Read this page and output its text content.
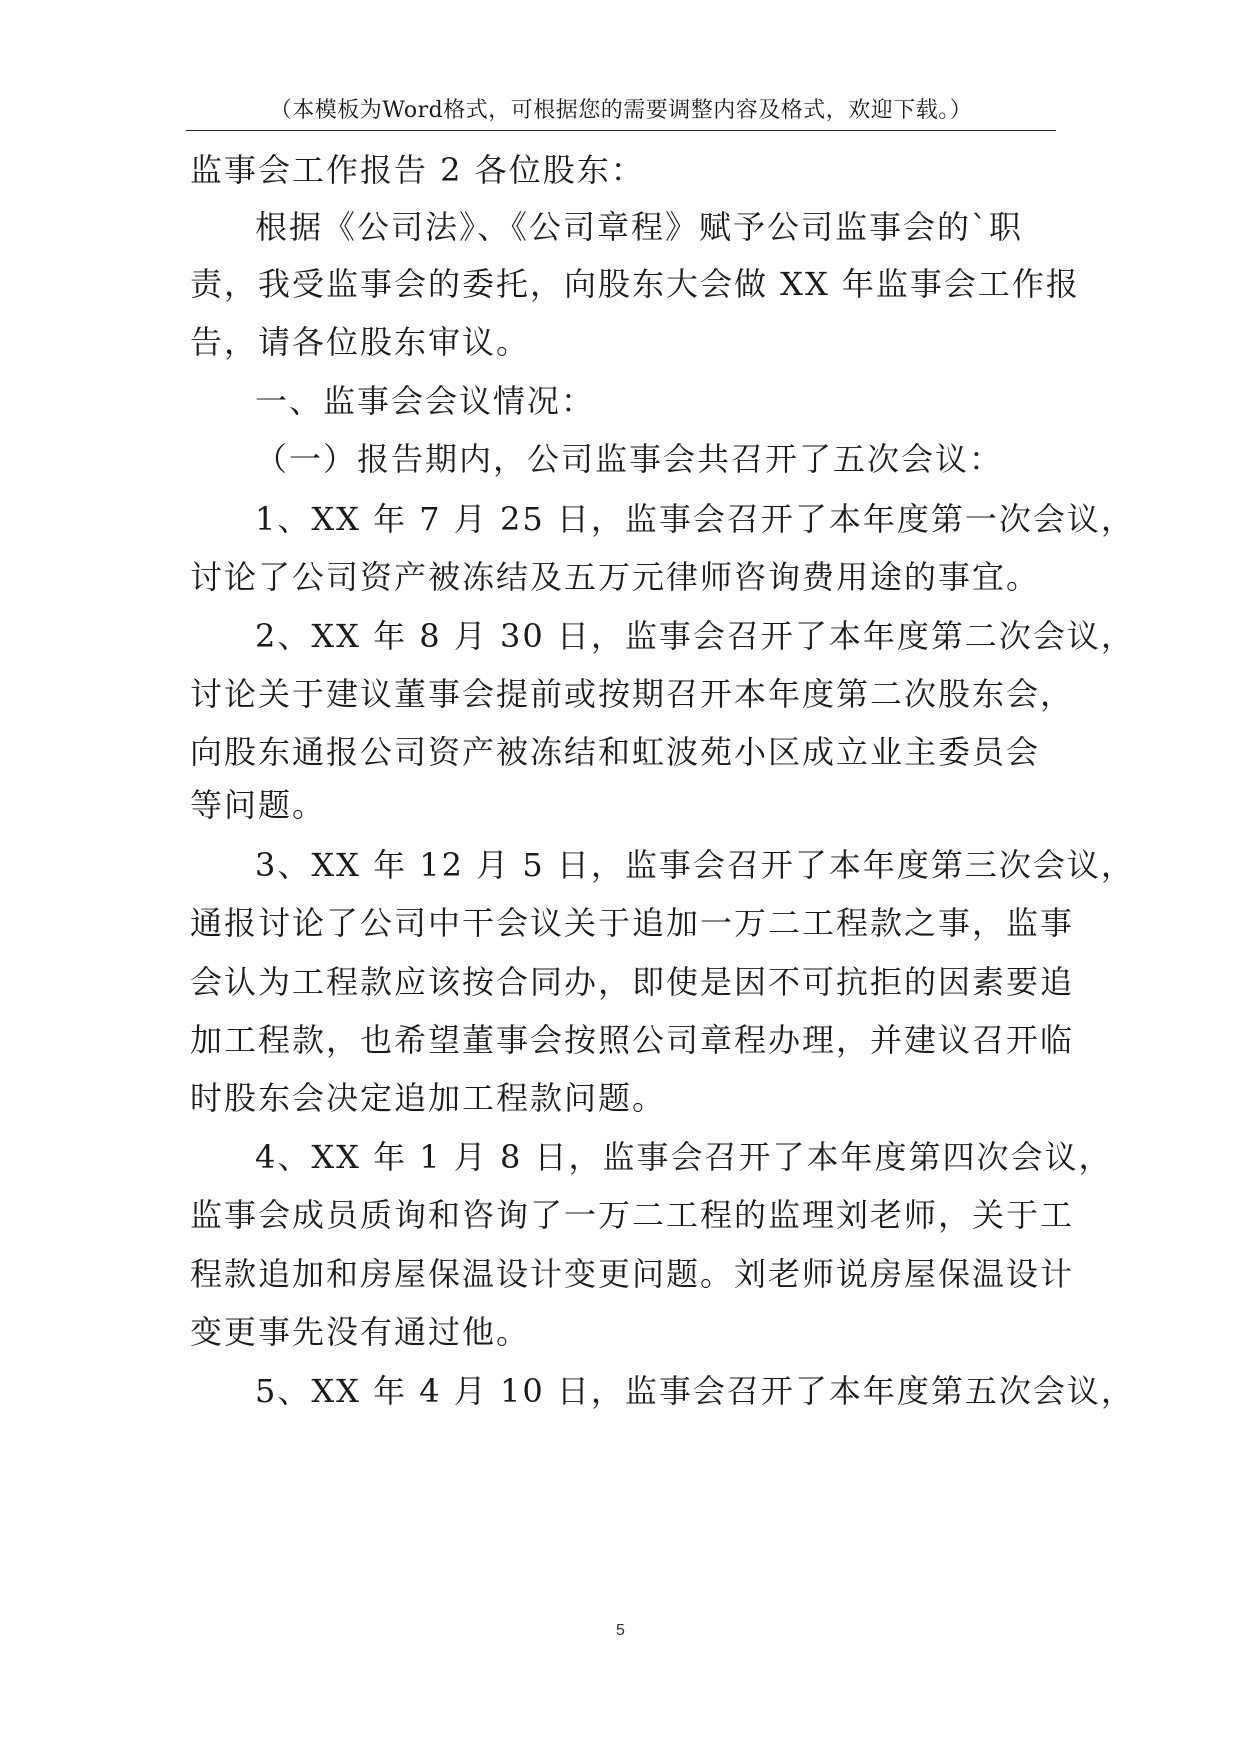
（本模板为Word格式，可根据您的需要调整内容及格式，欢迎下载。）
监事会工作报告 2 各位股东：
根据《公司法》、《公司章程》赋予公司监事会的`职
责，我受监事会的委托，向股东大会做 XX 年监事会工作报
告，请各位股东审议。
一、监事会会议情况：
（一）报告期内，公司监事会共召开了五次会议：
1、XX 年 7 月 25 日，监事会召开了本年度第一次会议，
讨论了公司资产被冻结及五万元律师咨询费用途的事宜。
2、XX 年 8 月 30 日，监事会召开了本年度第二次会议，
讨论关于建议董事会提前或按期召开本年度第二次股东会，
向股东通报公司资产被冻结和虹波苑小区成立业主委员会
等问题。
3、XX 年 12 月 5 日，监事会召开了本年度第三次会议，
通报讨论了公司中干会议关于追加一万二工程款之事，监事
会认为工程款应该按合同办，即使是因不可抗拒的因素要追
加工程款，也希望董事会按照公司章程办理，并建议召开临
时股东会决定追加工程款问题。
4、XX 年 1 月 8 日，监事会召开了本年度第四次会议，
监事会成员质询和咨询了一万二工程的监理刘老师，关于工
程款追加和房屋保温设计变更问题。刘老师说房屋保温设计
变更事先没有通过他。
5、XX 年 4 月 10 日，监事会召开了本年度第五次会议，
5
